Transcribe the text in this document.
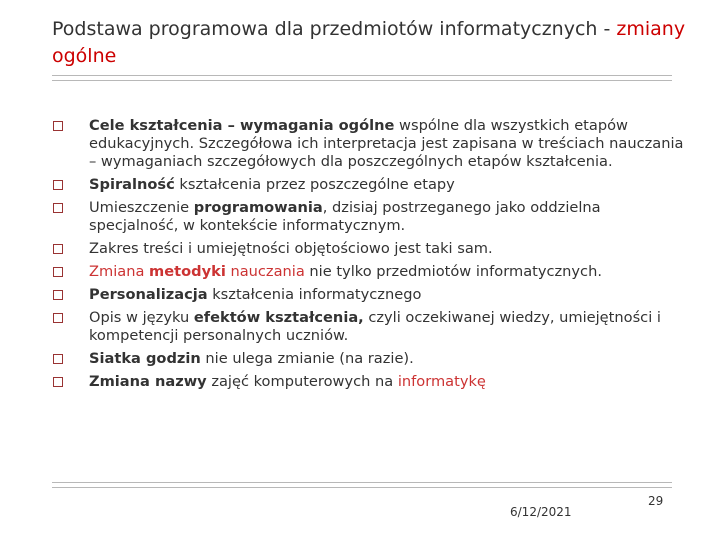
Podstawa programowa dla przedmiotów informatycznych - zmiany ogólne
Cele kształcenia – wymagania ogólne wspólne dla wszystkich etapów edukacyjnych. Szczegółowa ich interpretacja jest zapisana w treściach nauczania – wymaganiach szczegółowych dla poszczególnych etapów kształcenia.
Spiralność kształcenia przez poszczególne etapy
Umieszczenie programowania, dzisiaj postrzeganego jako oddzielna specjalność, w kontekście informatycznym.
Zakres treści i umiejętności objętościowo jest taki sam.
Zmiana metodyki nauczania nie tylko przedmiotów informatycznych.
Personalizacja kształcenia informatycznego
Opis w języku efektów kształcenia, czyli oczekiwanej wiedzy, umiejętności i kompetencji personalnych uczniów.
Siatka godzin nie ulega zmianie (na razie).
Zmiana nazwy zajęć komputerowych na informatykę
6/12/2021
29
